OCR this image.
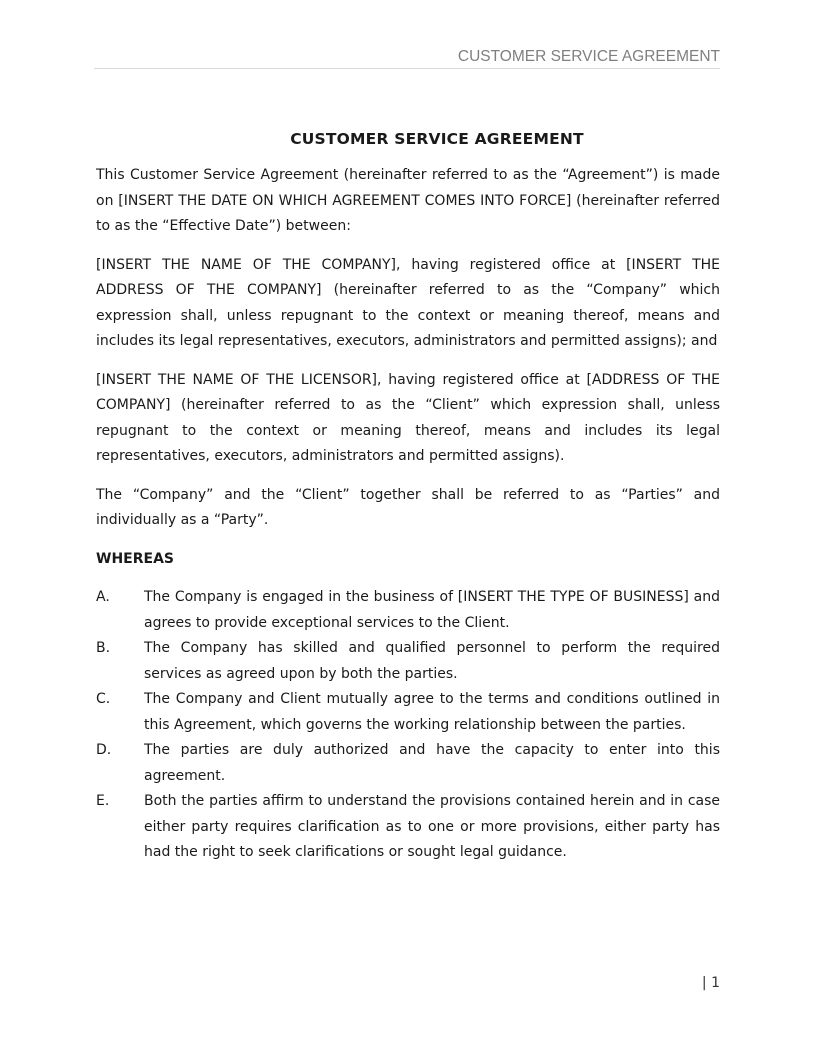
CUSTOMER SERVICE AGREEMENT
CUSTOMER SERVICE AGREEMENT

This Customer Service Agreement (hereinafter referred to as the “Agreement”) is made on [INSERT THE DATE ON WHICH AGREEMENT COMES INTO FORCE] (hereinafter referred to as the “Effective Date”) between:

[INSERT THE NAME OF THE COMPANY], having registered office at [INSERT THE ADDRESS OF THE COMPANY] (hereinafter referred to as the “Company” which expression shall, unless repugnant to the context or meaning thereof, means and includes its legal representatives, executors, administrators and permitted assigns); and

[INSERT THE NAME OF THE LICENSOR], having registered office at [ADDRESS OF THE COMPANY] (hereinafter referred to as the “Client” which expression shall, unless repugnant to the context or meaning thereof, means and includes its legal representatives, executors, administrators and permitted assigns).

The “Company” and the “Client” together shall be referred to as “Parties” and individually as a “Party”.

WHEREAS
A.	The Company is engaged in the business of [INSERT THE TYPE OF BUSINESS] and agrees to provide exceptional services to the Client.
B.	The Company has skilled and qualified personnel to perform the required services as agreed upon by both the parties.
C.	The Company and Client mutually agree to the terms and conditions outlined in this Agreement, which governs the working relationship between the parties.
D.	The parties are duly authorized and have the capacity to enter into this agreement.
E.	Both the parties affirm to understand the provisions contained herein and in case either party requires clarification as to one or more provisions, either party has had the right to seek clarifications or sought legal guidance.
| 1
